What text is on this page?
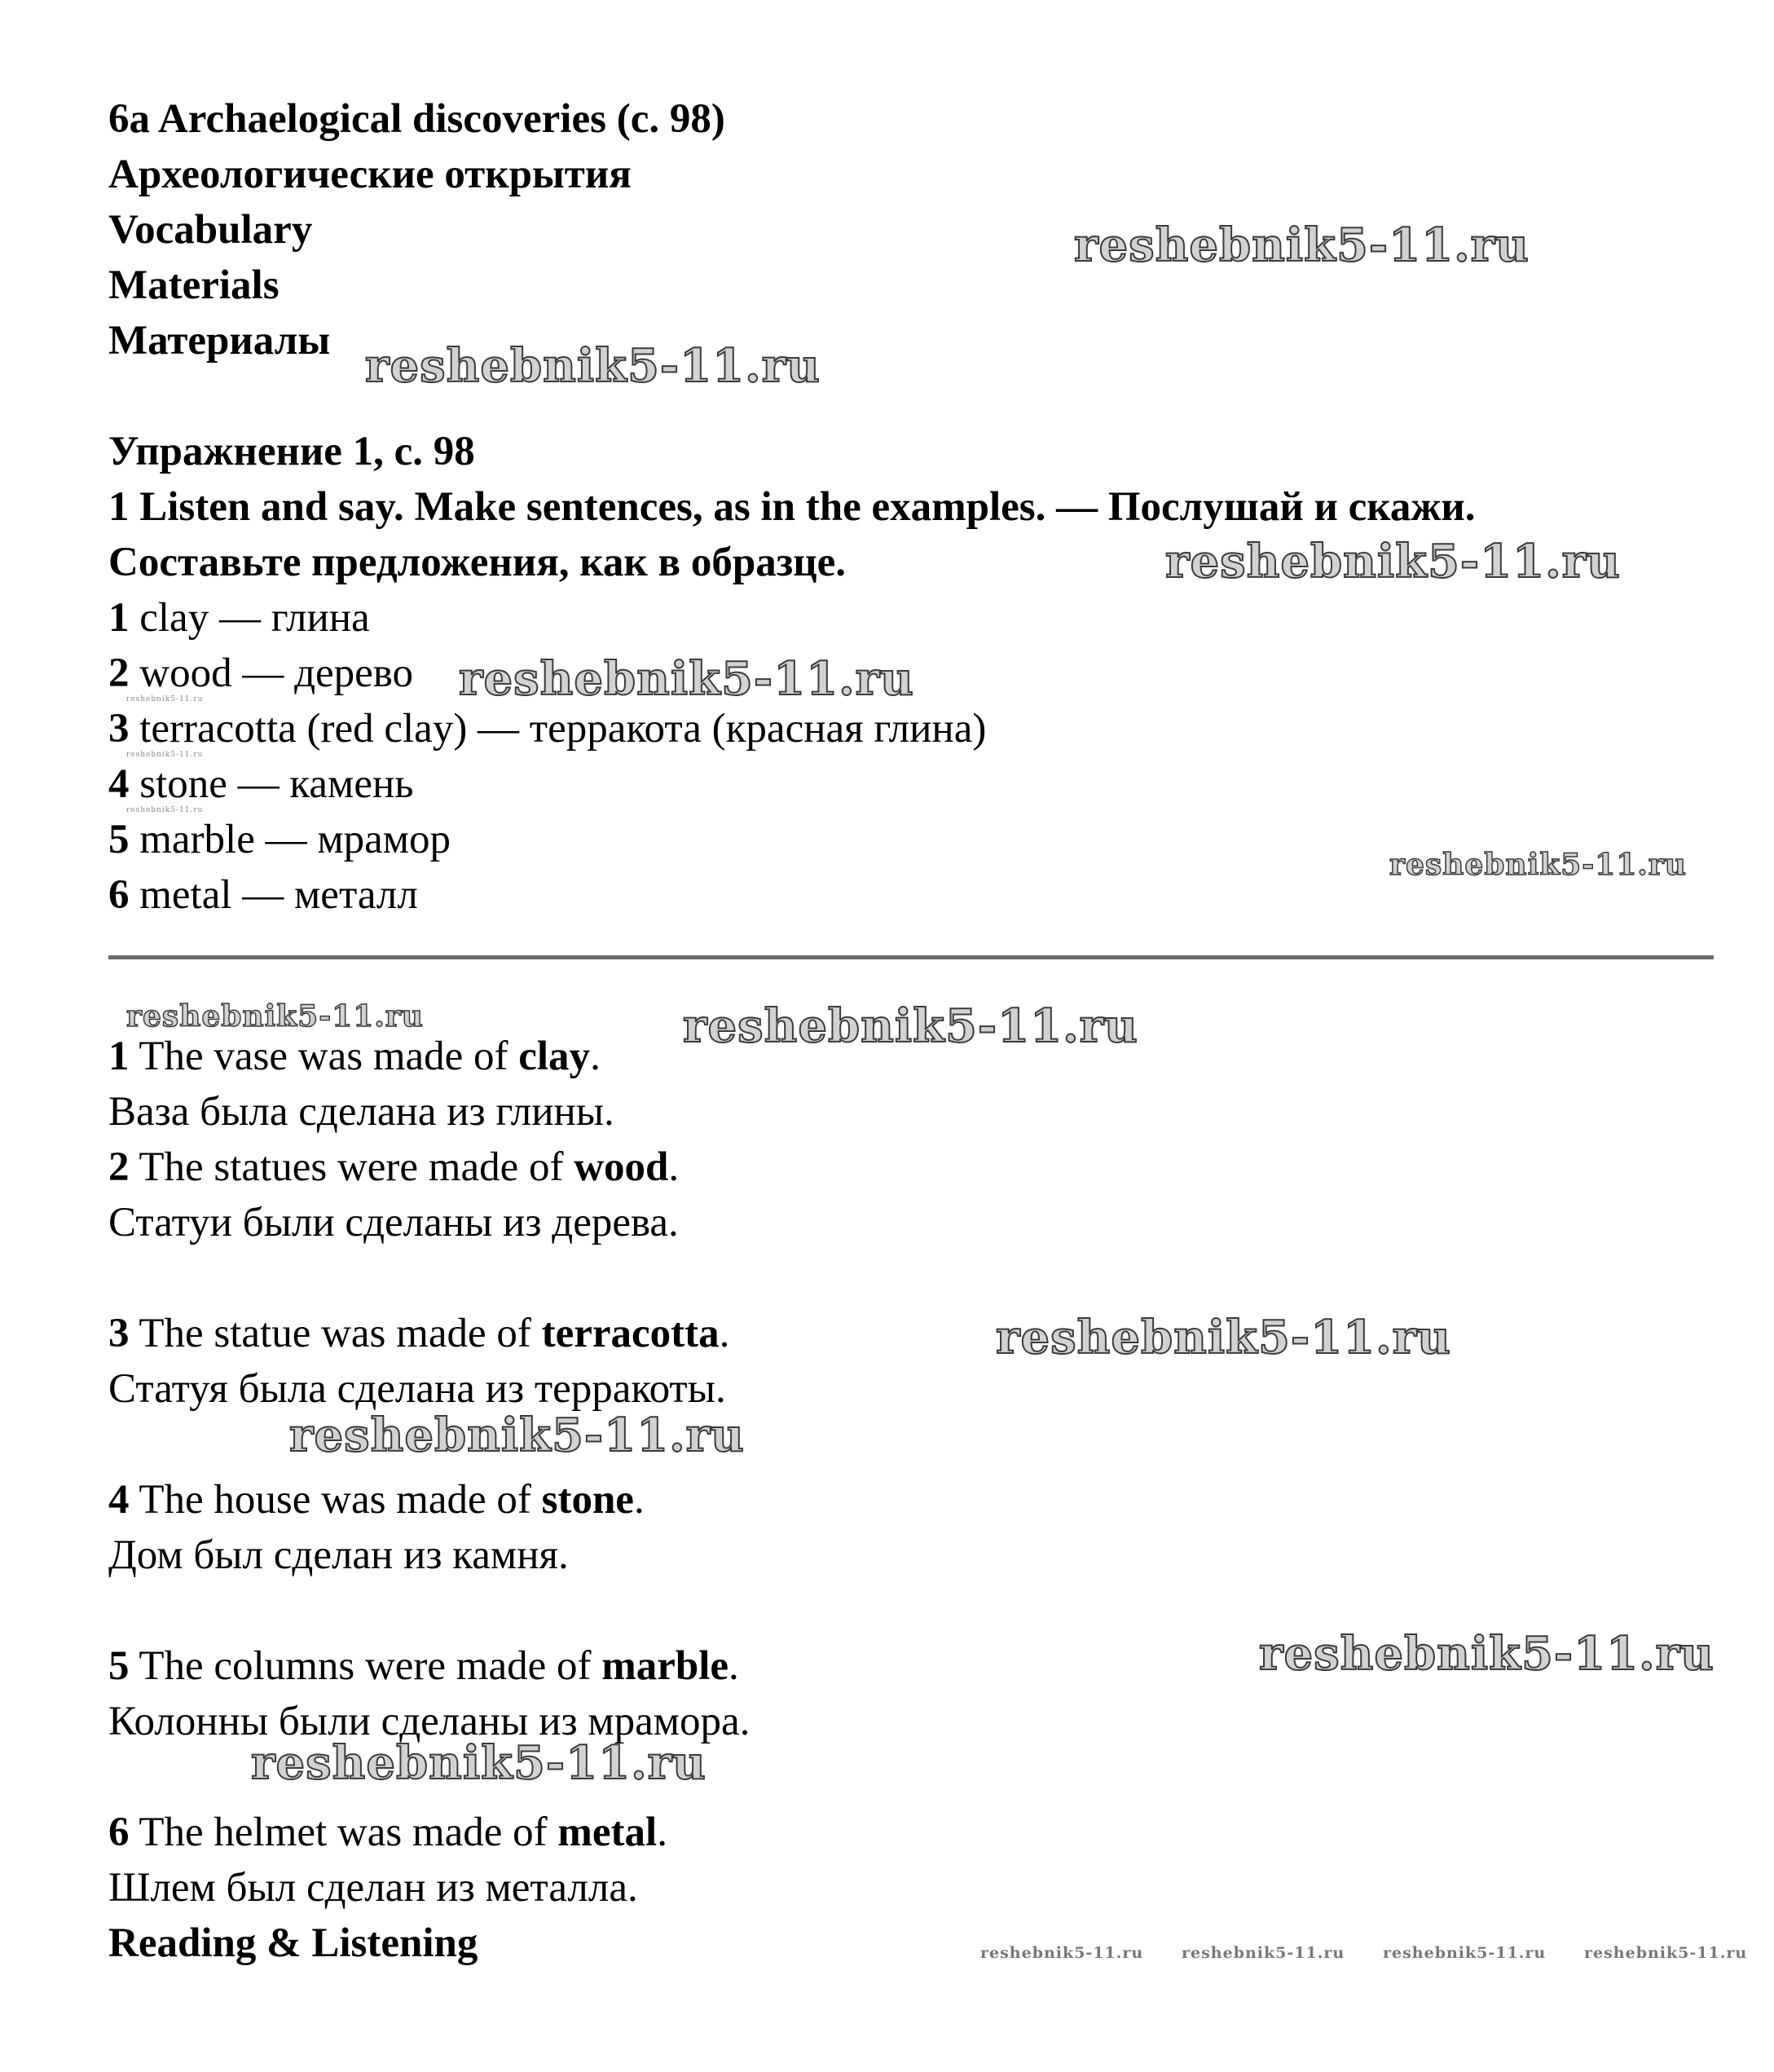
6a Archaelogical discoveries (с. 98)
Археологические открытия
Vocabulary
Materials
Материалы
Упражнение 1, с. 98
1 Listen and say. Make sentences, as in the examples. — Послушай и скажи.
Составьте предложения, как в образце.
1 clay — глина
2 wood — дерево
3 terracotta (red clay) — терракота (красная глина)
4 stone — камень
5 marble — мрамор
6 metal — металл
1 The vase was made of clay.
Ваза была сделана из глины.
2 The statues were made of wood.
Статуи были сделаны из дерева.
3 The statue was made of terracotta.
Статуя была сделана из терракоты.
4 The house was made of stone.
Дом был сделан из камня.
5 The columns were made of marble.
Колонны были сделаны из мрамора.
6 The helmet was made of metal.
Шлем был сделан из металла.
Reading & Listening
reshebnik5-11.ru
reshebnik5-11.ru
reshebnik5-11.ru
reshebnik5-11.ru
reshebnik5-11.ru
reshebnik5-11.ru
reshebnik5-11.ru
reshebnik5-11.ru
reshebnik5-11.ru	reshebnik5-11.ru
reshebnik5-11.ru
reshebnik5-11.ru
reshebnik5-11.ru
reshebnik5-11.ru
reshebnik5-11.ru reshebnik5-11.ru reshebnik5-11.ru reshebnik5-11.ru
